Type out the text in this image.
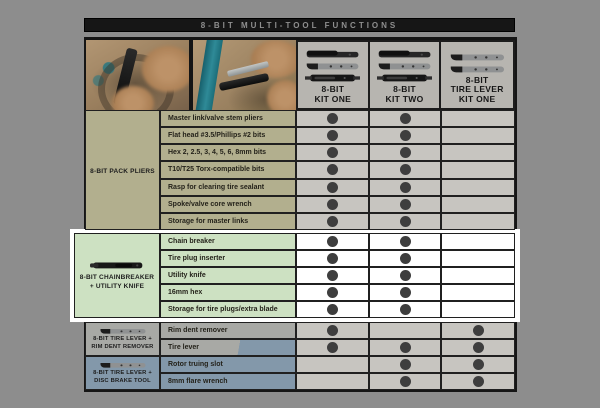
8-BIT MULTI-TOOL FUNCTIONS
8-BIT
KIT ONE
8-BIT
KIT TWO
8-BIT
TIRE LEVER
KIT ONE
8-BIT PACK PLIERS
8-BIT CHAINBREAKER + UTILITY KNIFE
8-BIT TIRE LEVER + RIM DENT REMOVER
8-BIT TIRE LEVER + DISC BRAKE TOOL
Master link/valve stem pliers
Flat head #3.5/Phillips #2 bits
Hex 2, 2.5, 3, 4, 5, 6, 8mm bits
T10/T25 Torx-compatible bits
Rasp for clearing tire sealant
Spoke/valve core wrench
Storage for master links
Chain breaker
Tire plug inserter
Utility knife
16mm hex
Storage for tire plugs/extra blade
Rim dent remover
Tire lever
Rotor truing slot
8mm flare wrench
